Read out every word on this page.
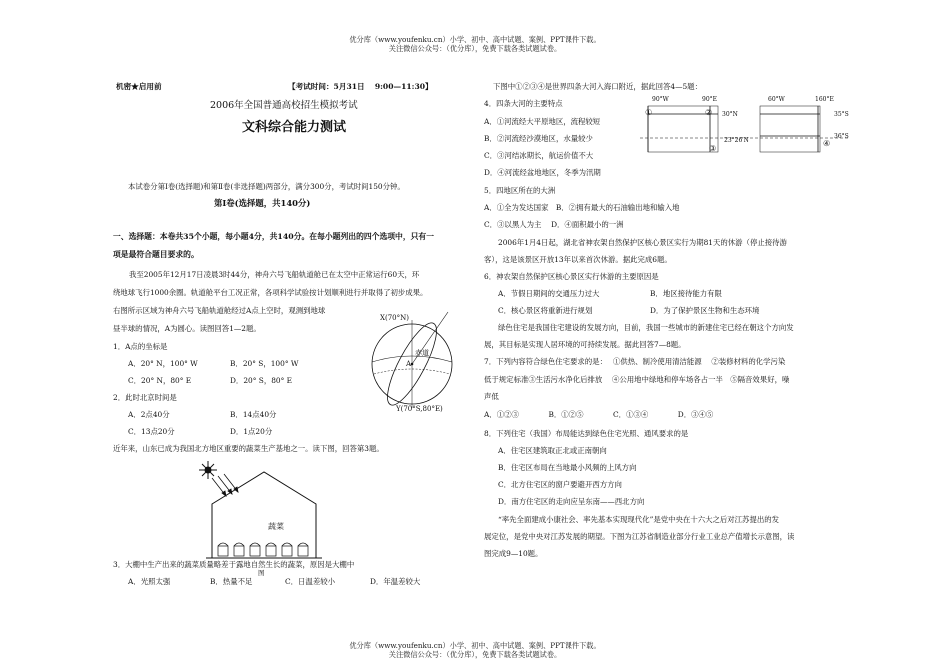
优分库（www.youfenku.cn）小学、初中、高中试题、案例、PPT课件下载。
关注微信公众号：（优分库），免费下载各类试题试卷。
优分库（www.youfenku.cn）小学、初中、高中试题、案例、PPT课件下载。
关注微信公众号：（优分库），免费下载各类试题试卷。
机密★启用前	【考试时间：5月31日　 9:00—11:30】
2006年全国普通高校招生模拟考试
文科综合能力测试
本试卷分第Ⅰ卷(选择题)和第Ⅱ卷(非选择题)两部分，满分300分，考试时间150分钟。
第Ⅰ卷(选择题，共140分)
一、选择题：本卷共35个小题，每小题4分，共140分。在每小题列出的四个选项中，只有一
项是最符合题目要求的。
我至2005年12月17日凌晨3时44分，神舟六号飞船轨道舱已在太空中正常运行60天，环
绕地球飞行1000余圈。轨道舱平台工况正常，各项科学试验按计划顺利进行并取得了初步成果。
右图所示区域为神舟六号飞船轨道舱经过A点上空时，观测到地球
昼半球的情况，A为圆心。读图回答1—2题。
1．A点的坐标是
A．20° N，100° W	B．20° S，100° W
C．20° N，80° E	D．20° S，80° E
2．此时北京时间是
A．2点40分	B．14点40分
C．13点20分	D．1点20分
近年来，山东已成为我国北方地区重要的蔬菜生产基地之一。读下图，回答第3题。
X(70°N)
赤道
A
Y(70°S,80°E)
蔬菜
图
3．大棚中生产出来的蔬菜质量略差于露地自然生长的蔬菜，原因是大棚中
A．光照太强	B．热量不足	C．日温差较小	D．年温差较大
下图中①②③④是世界四条大河入海口附近，据此回答4—5题：
4．四条大河的主要特点
A．①河流经大平原地区，流程较短
B．②河流经沙漠地区，水量较少
C．③河结冰期长，航运价值不大
D．④河流经盆地地区，冬季为汛期
5．四地区所在的大洲
A．①全为发达国家　B．②拥有最大的石油输出地和输入地
C．③以黑人为主　 D．④面积最小的一洲
90°W	90°E
30°N
23°26′N
60°W	160°E
35°S
36°S
①	②
③
④
2006年1月4日起，湖北省神农架自然保护区核心景区实行为期81天的休游（停止接待游
客），这是该景区开放13年以来首次休游。据此完成6题。
6．神农架自然保护区核心景区实行休游的主要原因是
A．节假日期间的交通压力过大	B．地区接待能力有限
C．核心景区将重新进行规划	D．为了保护景区生物和生态环境
绿色住宅是我国住宅建设的发展方向，目前，我国一些城市的新建住宅已经在朝这个方向发
展，其目标是实现人居环境的可持续发展。据此回答7—8题。
7．下列内容符合绿色住宅要求的是：　 ①供热、制冷使用清洁能源　 ②装修材料的化学污染
低于规定标准③生活污水净化后排放　 ④公用地中绿地和停车场各占一半　⑤隔音效果好，噪
声低
A．①②③　　　　B．①②⑤　　　　C．①③④　　　　D．③④⑤
8．下列住宅（我国）布局能达到绿色住宅光照、通风要求的是
A．住宅区建筑取正北或正南朝向
B．住宅区布局在当地最小风频的上风方向
C．北方住宅区的窗户要避开西方方向
D．南方住宅区的走向应呈东南——西北方向
“率先全面建成小康社会、率先基本实现现代化”是党中央在十六大之后对江苏提出的发
展定位，是党中央对江苏发展的期望。下图为江苏省制造业部分行业工业总产值增长示意图，读
图完成9—10题。
